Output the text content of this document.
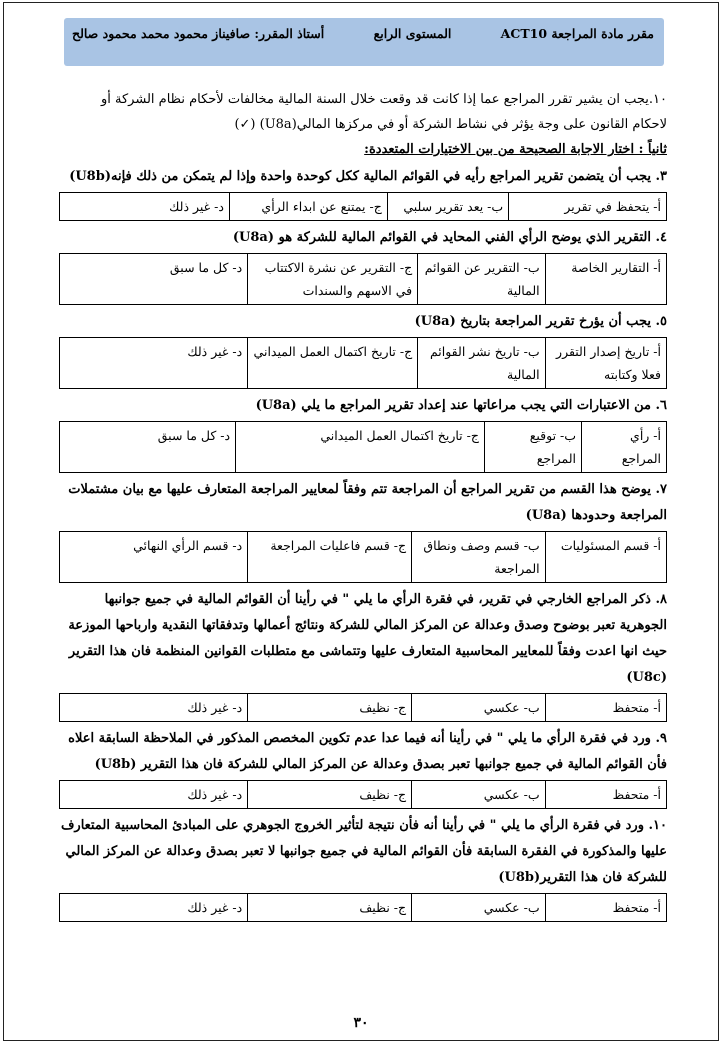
مقرر مادة المراجعة ACT10
المستوى الرابع
أستاذ المقرر: صافيناز محمود محمد محمود صالح

١٠.يجب ان يشير تقرر المراجع عما إذا كانت قد وقعت خلال السنة المالية مخالفات لأحكام نظام الشركة أو

لاحكام القانون على وجة يؤثر في نشاط الشركة أو في مركزها المالي(U8a) (✓)

ثانياً : اختار الاجابة الصحيحة من بين الاختيارات المتعددة:

٣. يجب أن يتضمن تقرير المراجع رأيه في القوائم المالية ككل كوحدة واحدة وإذا لم يتمكن من ذلك فإنه(U8b)

أ- يتحفظ في تقرير	ب- يعد تقرير سلبي	ج- يمتنع عن ابداء الرأي	د- غير ذلك

٤. التقرير الذي يوضح الرأي الفني المحايد في القوائم المالية للشركة هو (U8a)

أ- التقارير الخاصة	ب- التقرير عن القوائم المالية	ج- التقرير عن نشرة الاكتتاب في الاسهم والسندات	د- كل ما سبق

٥. يجب أن يؤرخ تقرير المراجعة بتاريخ (U8a)

أ- تاريخ إصدار التقرر فعلا وكتابته	ب- تاريخ نشر القوائم المالية	ج- تاريخ اكتمال العمل الميداني	د- غير ذلك

٦. من الاعتبارات التي يجب مراعاتها عند إعداد تقرير المراجع ما يلي (U8a)

أ- رأي المراجع	ب- توقيع المراجع	ج- تاريخ اكتمال العمل الميداني	د- كل ما سبق

٧. يوضح هذا القسم من تقرير المراجع أن المراجعة تتم وفقاً لمعايير المراجعة المتعارف عليها مع بيان مشتملات المراجعة وحدودها (U8a)

أ- قسم المسئوليات	ب- قسم وصف ونطاق المراجعة	ج- قسم فاعليات المراجعة	د- قسم الرأي النهائي

٨. ذكر المراجع الخارجي في تقرير، في فقرة الرأي ما يلي " في رأينا أن القوائم المالية في جميع جوانبها الجوهرية تعبر بوضوح وصدق وعدالة عن المركز المالي للشركة ونتائج أعمالها وتدفقاتها النقدية وارباحها الموزعة حيث انها اعدت وفقاً للمعايير المحاسبية المتعارف عليها وتتماشى مع متطلبات القوانين المنظمة فان هذا التقرير (U8c)

أ- متحفظ	ب- عكسي	ج- نظيف	د- غير ذلك

٩. ورد في فقرة الرأي ما يلي " في رأينا أنه فيما عدا عدم تكوين المخصص المذكور في الملاحظة السابقة اعلاه فأن القوائم المالية في جميع جوانبها تعبر بصدق وعدالة عن المركز المالي للشركة فان هذا التقرير (U8b)

أ- متحفظ	ب- عكسي	ج- نظيف	د- غير ذلك

١٠. ورد في فقرة الرأي ما يلي " في رأينا أنه فأن نتيجة لتأثير الخروج الجوهري على المبادئ المحاسبية المتعارف عليها والمذكورة في الفقرة السابقة فأن القوائم المالية في جميع جوانبها لا تعبر بصدق وعدالة عن المركز المالي للشركة فان هذا التقرير(U8b)

أ- متحفظ	ب- عكسي	ج- نظيف	د- غير ذلك
٣٠
